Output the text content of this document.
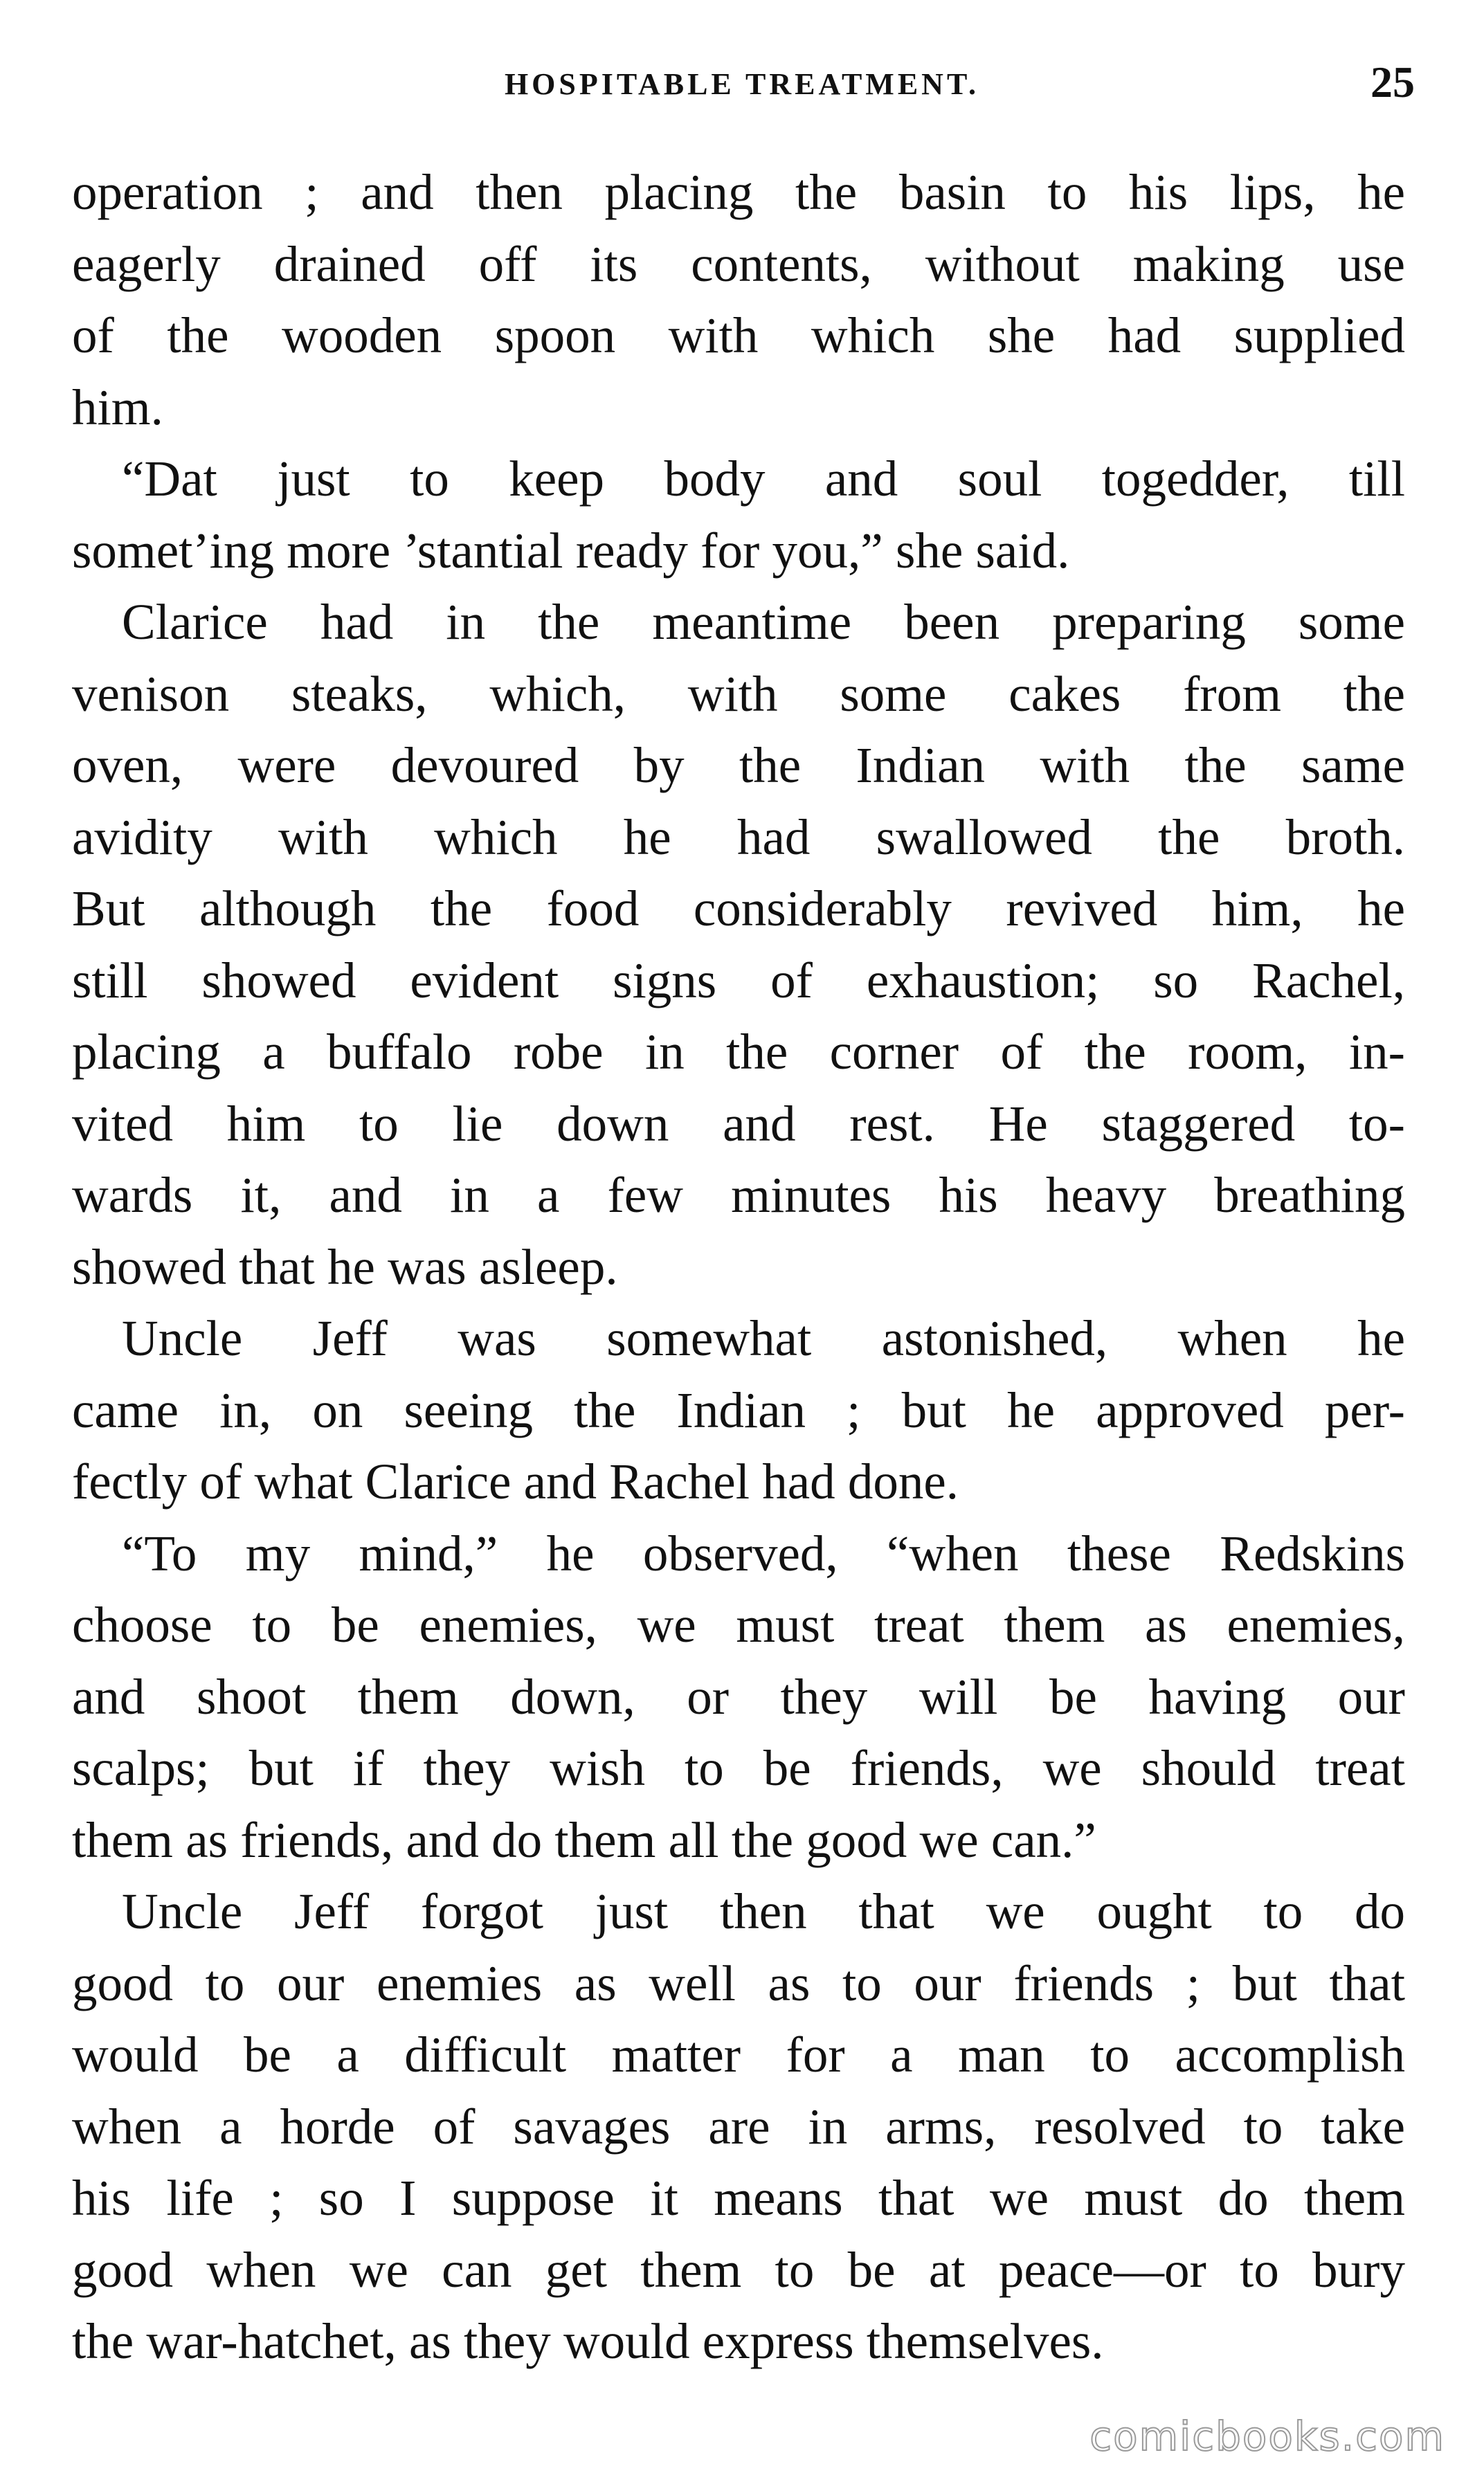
HOSPITABLE TREATMENT.	25
operation ; and then placing the basin to his lips, he
eagerly drained off its contents, without making use
of the wooden spoon with which she had supplied
him.
“Dat just to keep body and soul togedder, till
somet’ing more ’stantial ready for you,” she said.
Clarice had in the meantime been preparing some
venison steaks, which, with some cakes from the
oven, were devoured by the Indian with the same
avidity with which he had swallowed the broth.
But although the food considerably revived him, he
still showed evident signs of exhaustion; so Rachel,
placing a buffalo robe in the corner of the room, in-
vited him to lie down and rest. He staggered to-
wards it, and in a few minutes his heavy breathing
showed that he was asleep.
Uncle Jeff was somewhat astonished, when he
came in, on seeing the Indian ; but he approved per-
fectly of what Clarice and Rachel had done.
“To my mind,” he observed, “when these Redskins
choose to be enemies, we must treat them as enemies,
and shoot them down, or they will be having our
scalps; but if they wish to be friends, we should treat
them as friends, and do them all the good we can.”
Uncle Jeff forgot just then that we ought to do
good to our enemies as well as to our friends ; but that
would be a difficult matter for a man to accomplish
when a horde of savages are in arms, resolved to take
his life ; so I suppose it means that we must do them
good when we can get them to be at peace—or to bury
the war-hatchet, as they would express themselves.
comicbooks.com
